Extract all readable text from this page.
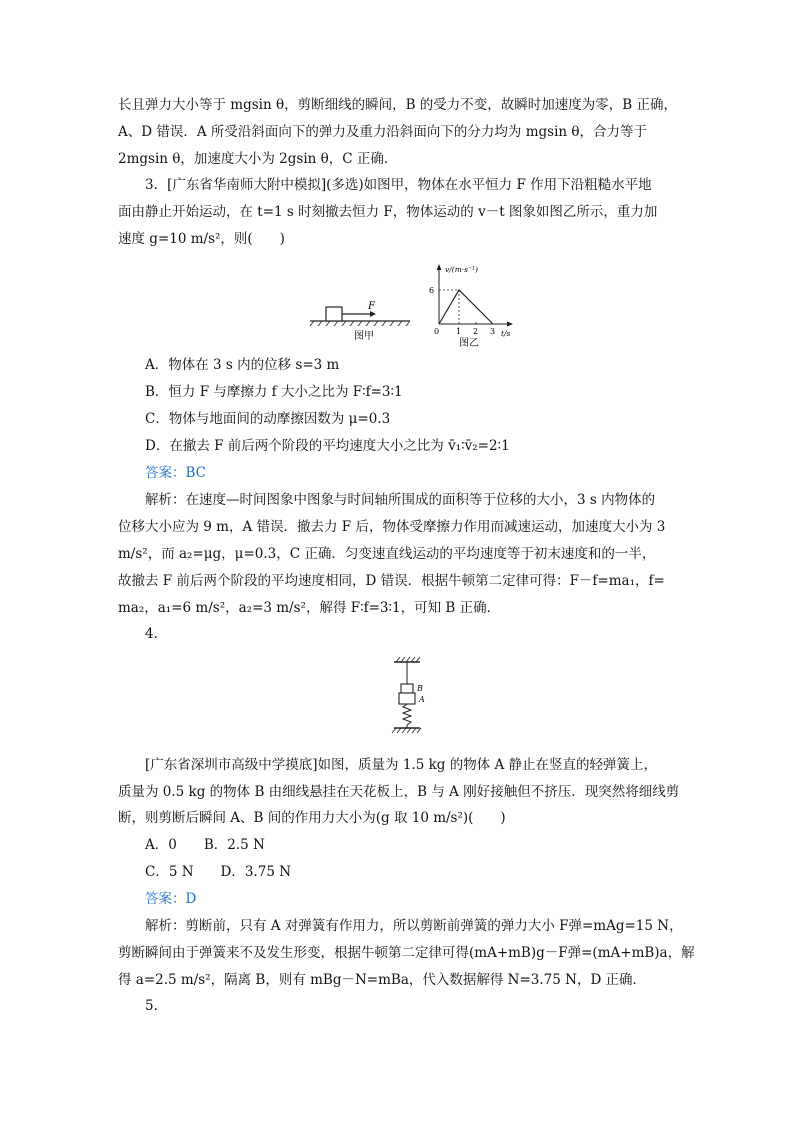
长且弹力大小等于 mgsin θ，剪断细线的瞬间，B 的受力不变，故瞬时加速度为零，B 正确，
A、D 错误．A 所受沿斜面向下的弹力及重力沿斜面向下的分力均为 mgsin θ，合力等于
2mgsin θ，加速度大小为 2gsin θ，C 正确．
3．[广东省华南师大附中模拟](多选)如图甲，物体在水平恒力 F 作用下沿粗糙水平地
面由静止开始运动，在 t=1 s 时刻撤去恒力 F，物体运动的 v－t 图象如图乙所示，重力加
速度 g=10 m/s²，则(　　)
F
图甲
v/(m·s⁻¹)
t/s
6
0 1 2 3
图乙
A．物体在 3 s 内的位移 s=3 m
B．恒力 F 与摩擦力 f 大小之比为 F∶f=3∶1
C．物体与地面间的动摩擦因数为 μ=0.3
D．在撤去 F 前后两个阶段的平均速度大小之比为 v̄₁∶v̄₂=2∶1
答案：BC
解析：在速度—时间图象中图象与时间轴所围成的面积等于位移的大小，3 s 内物体的
位移大小应为 9 m，A 错误．撤去力 F 后，物体受摩擦力作用而减速运动，加速度大小为 3
m/s²，而 a₂=μg，μ=0.3，C 正确．匀变速直线运动的平均速度等于初末速度和的一半，
故撤去 F 前后两个阶段的平均速度相同，D 错误．根据牛顿第二定律可得：F－f=ma₁，f=
ma₂，a₁=6 m/s²，a₂=3 m/s²，解得 F∶f=3∶1，可知 B 正确．
4.
B
A
[广东省深圳市高级中学摸底]如图，质量为 1.5 kg 的物体 A 静止在竖直的轻弹簧上，
质量为 0.5 kg 的物体 B 由细线悬挂在天花板上，B 与 A 刚好接触但不挤压．现突然将细线剪
断，则剪断后瞬间 A、B 间的作用力大小为(g 取 10 m/s²)(　　)
A．0　　B．2.5 N
C．5 N　　D．3.75 N
答案：D
解析：剪断前，只有 A 对弹簧有作用力，所以剪断前弹簧的弹力大小 F弹=mAg=15 N，
剪断瞬间由于弹簧来不及发生形变，根据牛顿第二定律可得(mA+mB)g－F弹=(mA+mB)a，解
得 a=2.5 m/s²，隔离 B，则有 mBg－N=mBa，代入数据解得 N=3.75 N，D 正确．
5.
